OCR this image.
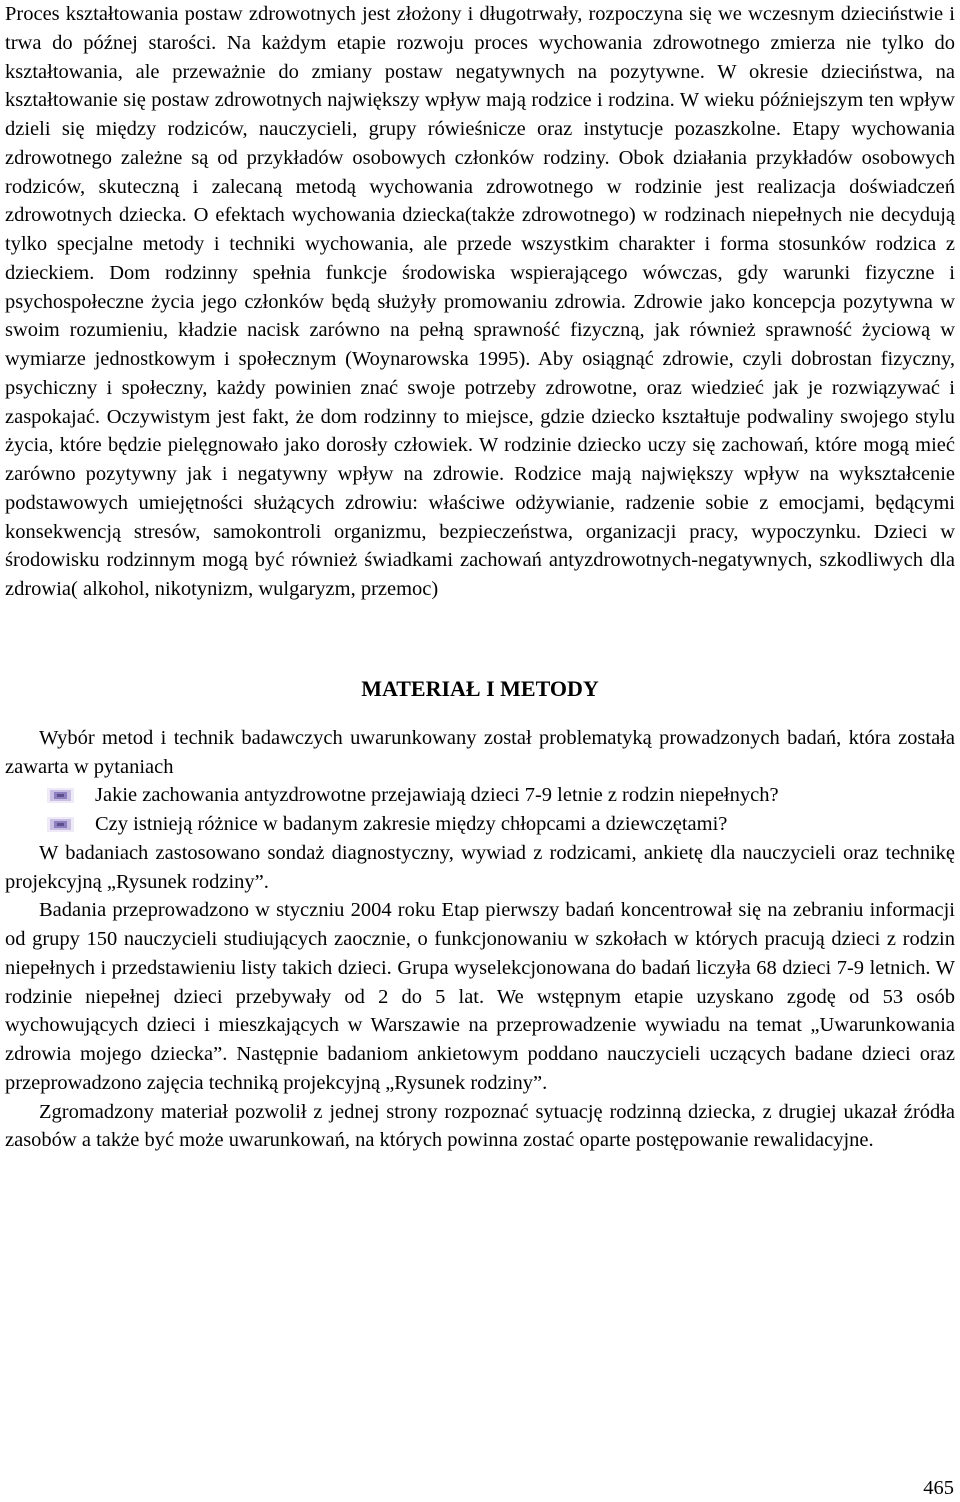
Proces kształtowania postaw zdrowotnych jest złożony i długotrwały, rozpoczyna się we wczesnym dzieciństwie i trwa do późnej starości. Na każdym etapie rozwoju proces wychowania zdrowotnego zmierza nie tylko do kształtowania, ale przeważnie do zmiany postaw negatywnych na pozytywne. W okresie dzieciństwa, na kształtowanie się postaw zdrowotnych największy wpływ mają rodzice i rodzina. W wieku późniejszym ten wpływ dzieli się między rodziców, nauczycieli, grupy rówieśnicze oraz instytucje pozaszkolne. Etapy wychowania zdrowotnego zależne są od przykładów osobowych członków rodziny. Obok działania przykładów osobowych rodziców, skuteczną i zalecaną metodą wychowania zdrowotnego w rodzinie jest realizacja doświadczeń zdrowotnych dziecka. O efektach wychowania dziecka(także zdrowotnego) w rodzinach niepełnych nie decydują tylko specjalne metody i techniki wychowania, ale przede wszystkim charakter i forma stosunków rodzica z dzieckiem. Dom rodzinny spełnia funkcje środowiska wspierającego wówczas, gdy warunki fizyczne i psychospołeczne życia jego członków będą służyły promowaniu zdrowia. Zdrowie jako koncepcja pozytywna w swoim rozumieniu, kładzie nacisk zarówno na pełną sprawność fizyczną, jak również sprawność życiową w wymiarze jednostkowym i społecznym (Woynarowska 1995). Aby osiągnąć zdrowie, czyli dobrostan fizyczny, psychiczny i społeczny, każdy powinien znać swoje potrzeby zdrowotne, oraz wiedzieć jak je rozwiązywać i zaspokajać. Oczywistym jest fakt, że dom rodzinny to miejsce, gdzie dziecko kształtuje podwaliny swojego stylu życia, które będzie pielęgnowało jako dorosły człowiek. W rodzinie dziecko uczy się zachowań, które mogą mieć zarówno pozytywny jak i negatywny wpływ na zdrowie. Rodzice mają największy wpływ na wykształcenie podstawowych umiejętności służących zdrowiu: właściwe odżywianie, radzenie sobie z emocjami, będącymi konsekwencją stresów, samokontroli organizmu, bezpieczeństwa, organizacji pracy, wypoczynku. Dzieci w środowisku rodzinnym mogą być również świadkami zachowań antyzdrowotnych-negatywnych, szkodliwych dla zdrowia( alkohol, nikotynizm, wulgaryzm, przemoc)

MATERIAŁ I METODY

Wybór metod i technik badawczych uwarunkowany został problematyką prowadzonych badań, która została zawarta w pytaniach

Jakie zachowania antyzdrowotne przejawiają dzieci 7-9 letnie z rodzin niepełnych?
Czy istnieją różnice w badanym zakresie między chłopcami a dziewczętami?

W badaniach zastosowano sondaż diagnostyczny, wywiad z rodzicami, ankietę dla nauczycieli oraz technikę projekcyjną „Rysunek rodziny”.

Badania przeprowadzono w styczniu 2004 roku Etap pierwszy badań koncentrował się na zebraniu informacji od grupy 150 nauczycieli studiujących zaocznie, o funkcjonowaniu w szkołach w których pracują dzieci z rodzin niepełnych i przedstawieniu listy takich dzieci. Grupa wyselekcjonowana do badań liczyła 68 dzieci 7-9 letnich. W rodzinie niepełnej dzieci przebywały od 2 do 5 lat. We wstępnym etapie uzyskano zgodę od 53 osób wychowujących dzieci i mieszkających w Warszawie na przeprowadzenie wywiadu na temat „Uwarunkowania zdrowia mojego dziecka”. Następnie badaniom ankietowym poddano nauczycieli uczących badane dzieci oraz przeprowadzono zajęcia techniką projekcyjną „Rysunek rodziny”.

Zgromadzony materiał pozwolił z jednej strony rozpoznać sytuację rodzinną dziecka, z drugiej ukazał źródła zasobów a także być może uwarunkowań, na których powinna zostać oparte postępowanie rewalidacyjne.

465
